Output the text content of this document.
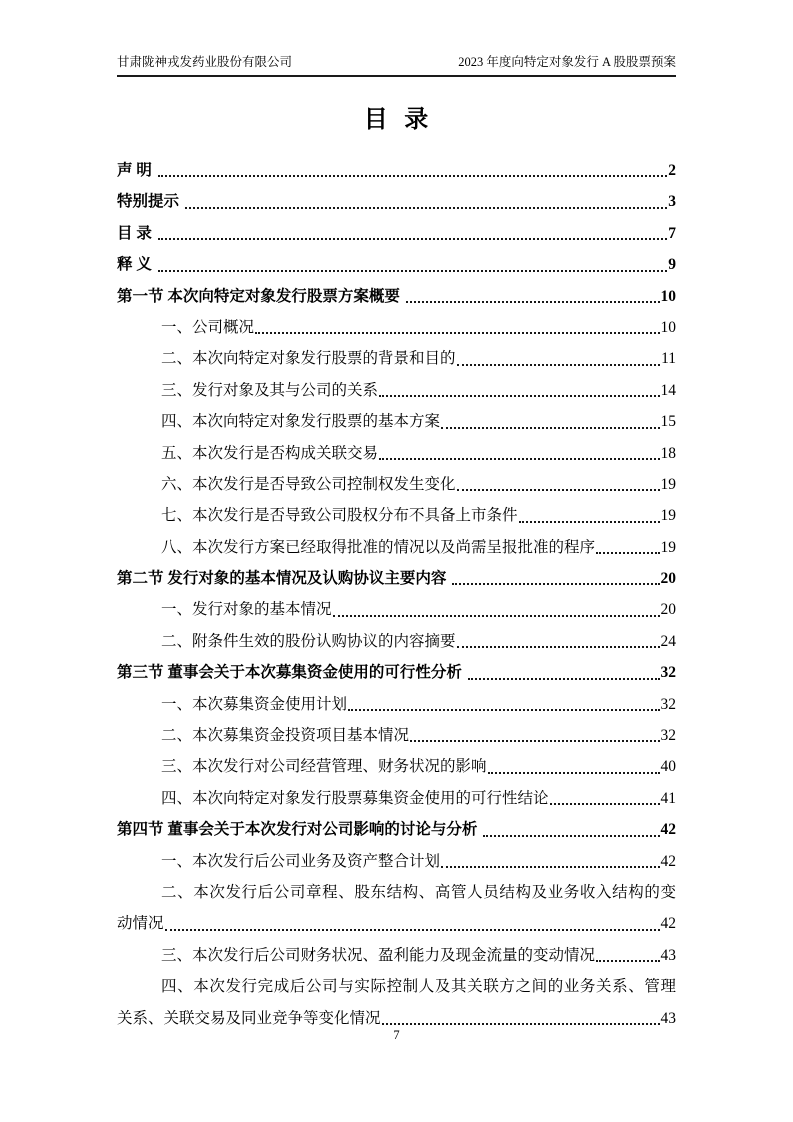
甘肃陇神戎发药业股份有限公司	2023 年度向特定对象发行 A 股股票预案
目 录
声 明	2
特别提示	3
目 录	7
释 义	9
第一节 本次向特定对象发行股票方案概要	10
一、公司概况	10
二、本次向特定对象发行股票的背景和目的	11
三、发行对象及其与公司的关系	14
四、本次向特定对象发行股票的基本方案	15
五、本次发行是否构成关联交易	18
六、本次发行是否导致公司控制权发生变化	19
七、本次发行是否导致公司股权分布不具备上市条件	19
八、本次发行方案已经取得批准的情况以及尚需呈报批准的程序	19
第二节 发行对象的基本情况及认购协议主要内容	20
一、发行对象的基本情况	20
二、附条件生效的股份认购协议的内容摘要	24
第三节 董事会关于本次募集资金使用的可行性分析	32
一、本次募集资金使用计划	32
二、本次募集资金投资项目基本情况	32
三、本次发行对公司经营管理、财务状况的影响	40
四、本次向特定对象发行股票募集资金使用的可行性结论	41
第四节 董事会关于本次发行对公司影响的讨论与分析	42
一、本次发行后公司业务及资产整合计划	42
二、本次发行后公司章程、股东结构、高管人员结构及业务收入结构的变
动情况	42
三、本次发行后公司财务状况、盈利能力及现金流量的变动情况	43
四、本次发行完成后公司与实际控制人及其关联方之间的业务关系、管理
关系、关联交易及同业竞争等变化情况	43
7
